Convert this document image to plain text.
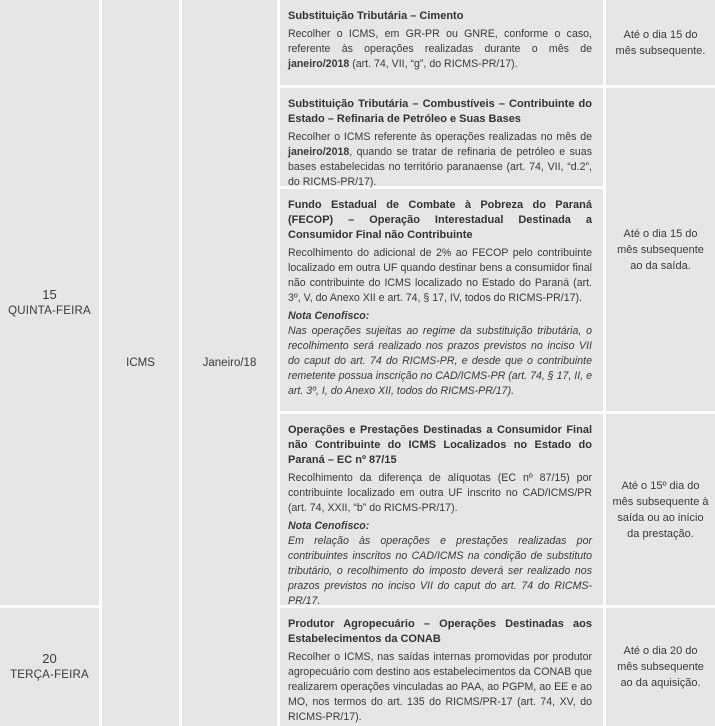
15
QUINTA-FEIRA
20
TERÇA-FEIRA
ICMS	Janeiro/18
Substituição Tributária – Cimento

Recolher o ICMS, em GR-PR ou GNRE, conforme o caso, referente às operações realizadas durante o mês de janeiro/2018 (art. 74, VII, “g”, do RICMS-PR/17).

Até o dia 15 do mês subsequente.
Substituição Tributária – Combustíveis – Contribuinte do Estado – Refinaria de Petróleo e Suas Bases

Recolher o ICMS referente às operações realizadas no mês de janeiro/2018, quando se tratar de refinaria de petróleo e suas bases estabelecidas no território paranaense (art. 74, VII, “d.2”, do RICMS-PR/17).

Fundo Estadual de Combate à Pobreza do Paraná (FECOP) – Operação Interestadual Destinada a Consumidor Final não Contribuinte

Recolhimento do adicional de 2% ao FECOP pelo contribuinte localizado em outra UF quando destinar bens a consumidor final não contribuinte do ICMS localizado no Estado do Paraná (art. 3º, V, do Anexo XII e art. 74, § 17, IV, todos do RICMS-PR/17).

Nota Cenofisco:

Nas operações sujeitas ao regime da substituição tributária, o recolhimento será realizado nos prazos previstos no inciso VII do caput do art. 74 do RICMS-PR, e desde que o contribuinte remetente possua inscrição no CAD/ICMS-PR (art. 74, § 17, II, e art. 3º, I, do Anexo XII, todos do RICMS-PR/17).

Até o dia 15 do mês subsequente ao da saída.
Operações e Prestações Destinadas a Consumidor Final não Contribuinte do ICMS Localizados no Estado do Paraná – EC nº 87/15

Recolhimento da diferença de alíquotas (EC nº 87/15) por contribuinte localizado em outra UF inscrito no CAD/ICMS/PR (art. 74, XXII, “b” do RICMS-PR/17).

Nota Cenofisco:

Em relação às operações e prestações realizadas por contribuintes inscritos no CAD/ICMS na condição de substituto tributário, o recolhimento do imposto deverá ser realizado nos prazos previstos no inciso VII do caput do art. 74 do RICMS-PR/17.

Até o 15º dia do mês subsequente à saída ou ao início da prestação.
Produtor Agropecuário – Operações Destinadas aos Estabelecimentos da CONAB

Recolher o ICMS, nas saídas internas promovidas por produtor agropecuário com destino aos estabelecimentos da CONAB que realizarem operações vinculadas ao PAA, ao PGPM, ao EE e ao MO, nos termos do art. 135 do RICMS/PR-17 (art. 74, XV, do RICMS-PR/17).

Até o dia 20 do mês subsequente ao da aquisição.
